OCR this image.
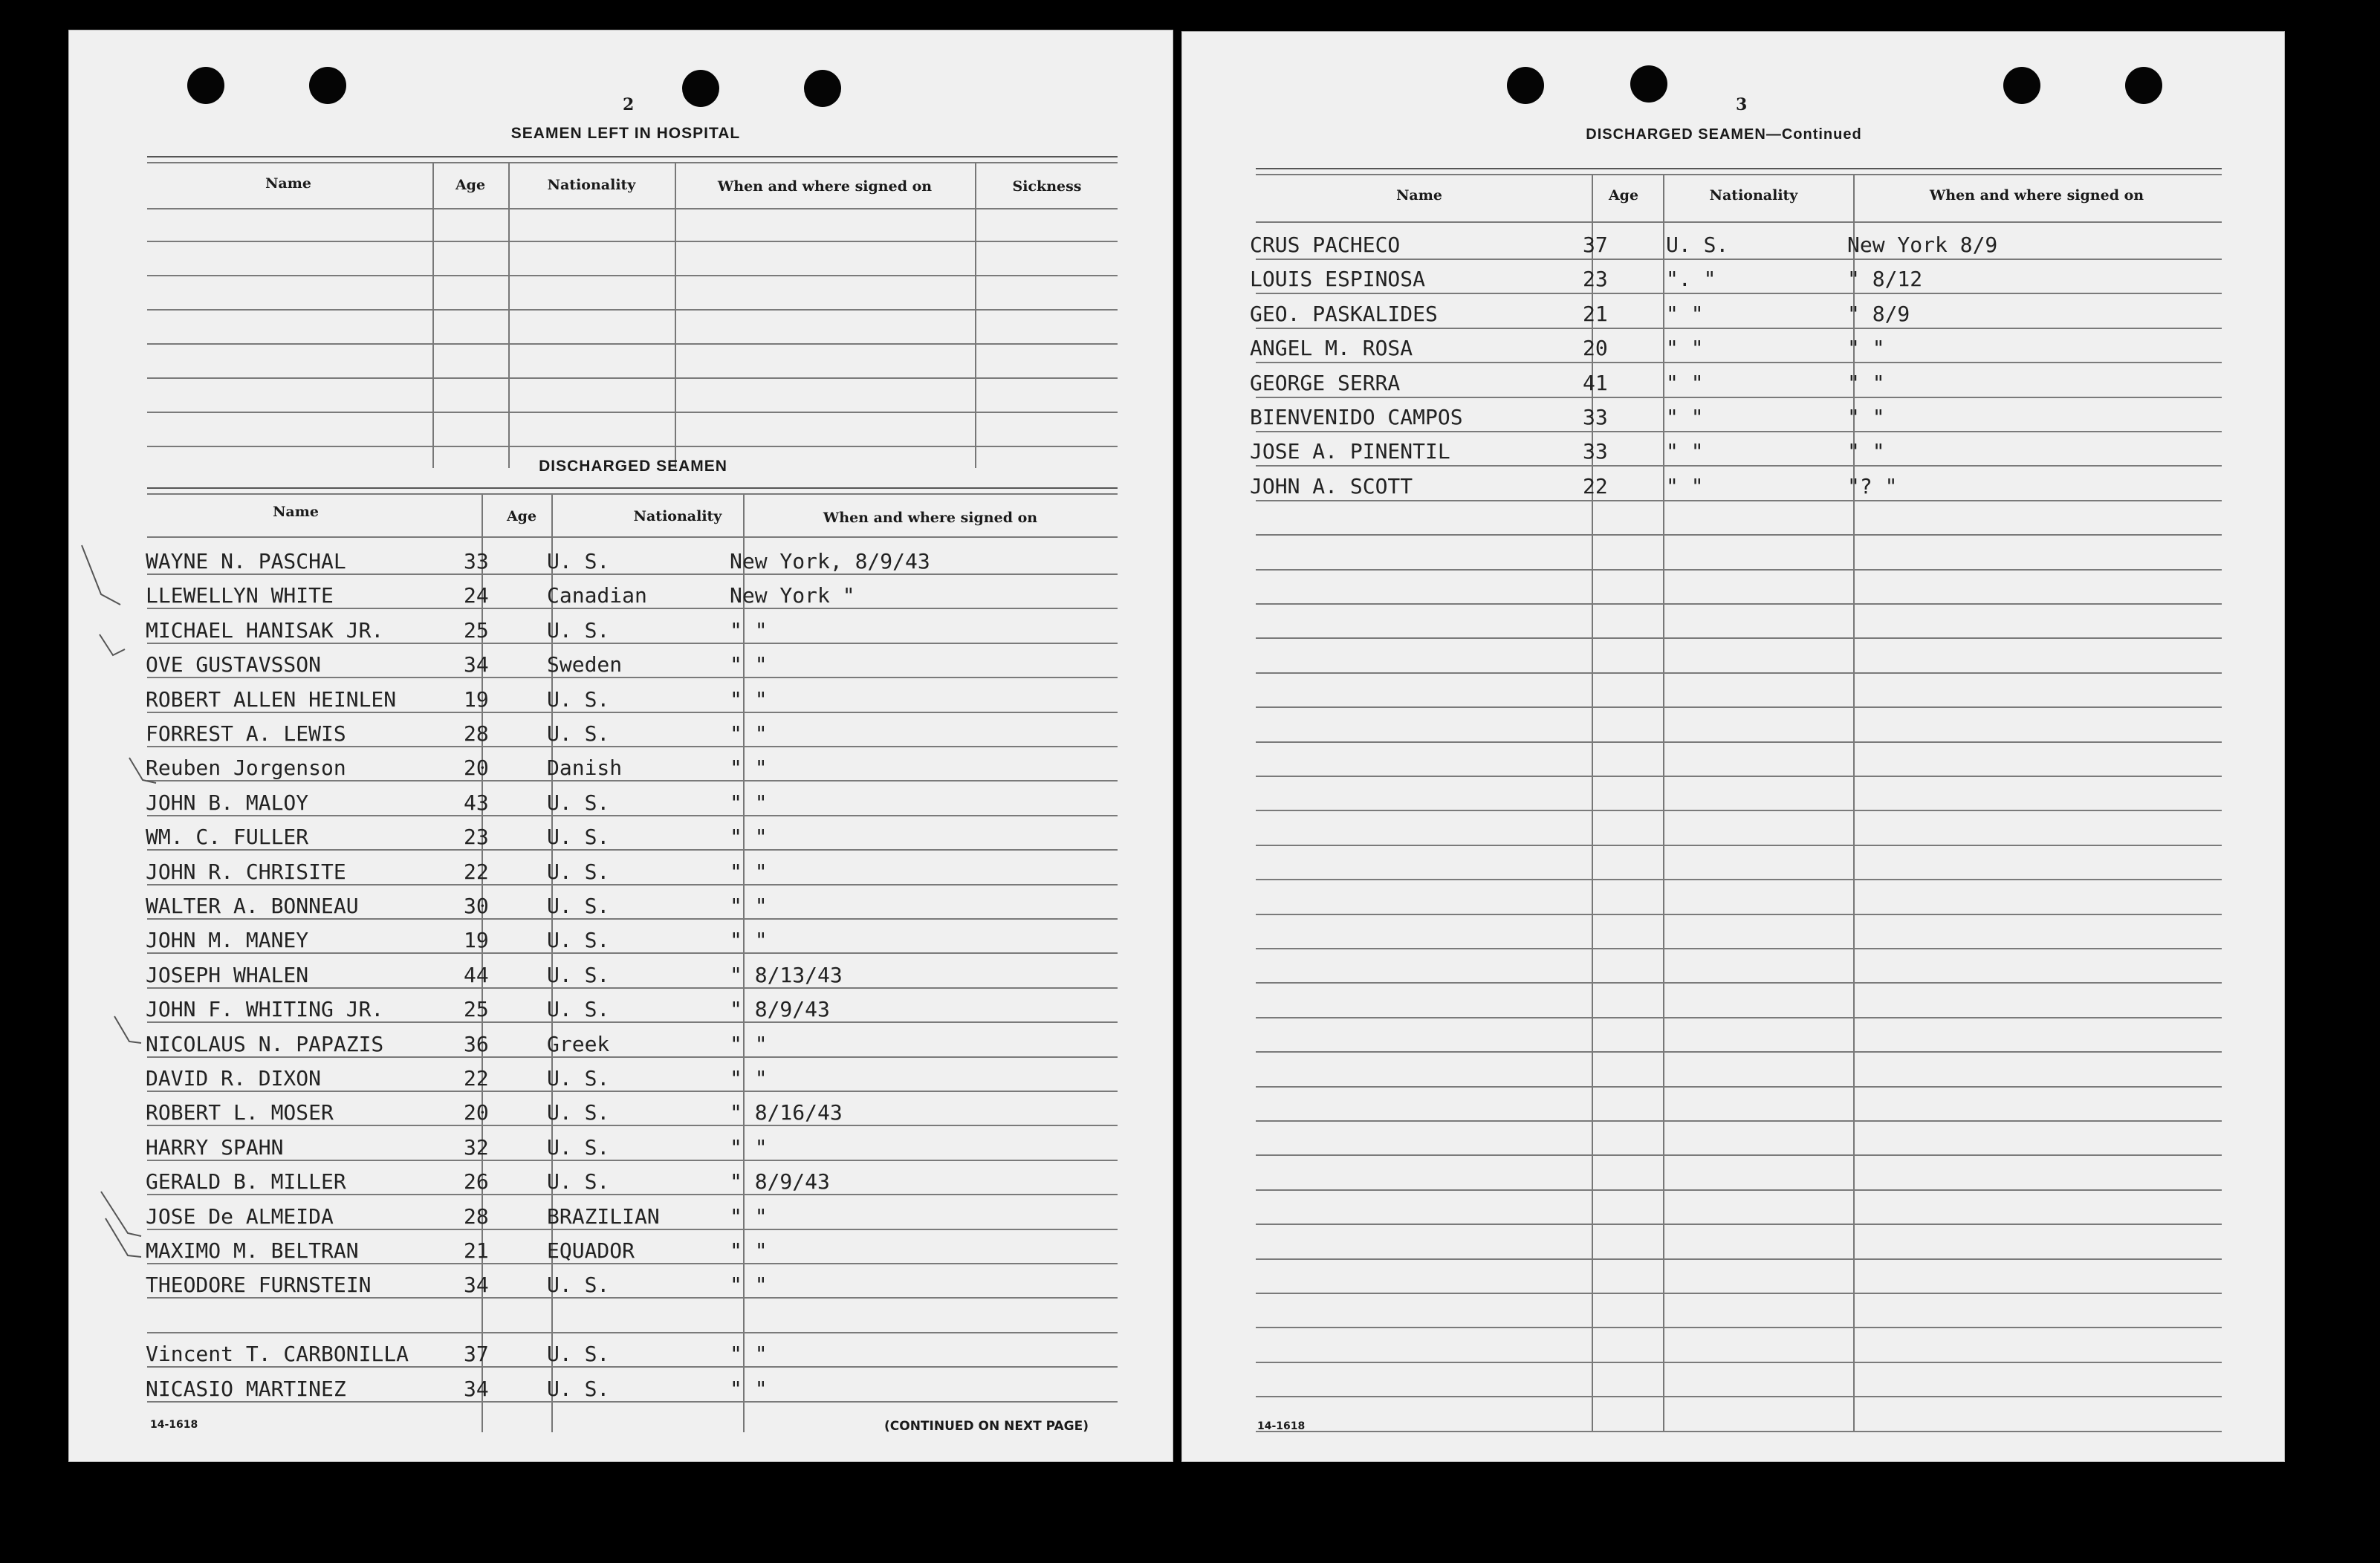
2
SEAMEN LEFT IN HOSPITAL
Name	Age	Nationality	When and where signed on	Sickness
DISCHARGED SEAMEN
Name	Age	Nationality	When and where signed on
WAYNE N. PASCHAL	33	U. S.	New York, 8/9/43
LLEWELLYN WHITE	24	Canadian	New York "
MICHAEL HANISAK JR.	25	U. S.	" "
OVE GUSTAVSSON	34	Sweden	" "
ROBERT ALLEN HEINLEN	19	U. S.	" "
FORREST A. LEWIS	28	U. S.	" "
Reuben Jorgenson	20	Danish	" "
JOHN B. MALOY	43	U. S.	" "
WM. C. FULLER	23	U. S.	" "
JOHN R. CHRISITE	22	U. S.	" "
WALTER A. BONNEAU	30	U. S.	" "
JOHN M. MANEY	19	U. S.	" "
JOSEPH WHALEN	44	U. S.	" 8/13/43
JOHN F. WHITING JR.	25	U. S.	" 8/9/43
NICOLAUS N. PAPAZIS	36	Greek	" "
DAVID R. DIXON	22	U. S.	" "
ROBERT L. MOSER	20	U. S.	" 8/16/43
HARRY SPAHN	32	U. S.	" "
GERALD B. MILLER	26	U. S.	" 8/9/43
JOSE De ALMEIDA	28	BRAZILIAN	" "
MAXIMO M. BELTRAN	21	EQUADOR	" "
THEODORE FURNSTEIN	34	U. S.	" "
Vincent T. CARBONILLA	37	U. S.	" "
NICASIO MARTINEZ	34	U. S.	" "
14-1618	(CONTINUED ON NEXT PAGE)
3
DISCHARGED SEAMEN—Continued
Name	Age	Nationality	When and where signed on
CRUS PACHECO	37	U. S.	New York 8/9
LOUIS ESPINOSA	23	". "	" 8/12
GEO. PASKALIDES	21	" "	" 8/9
ANGEL M. ROSA	20	" "	" "
GEORGE SERRA	41	" "	" "
BIENVENIDO CAMPOS	33	" "	" "
JOSE A. PINENTIL	33	" "	" "
JOHN A. SCOTT	22	" "	"? "
14-1618
